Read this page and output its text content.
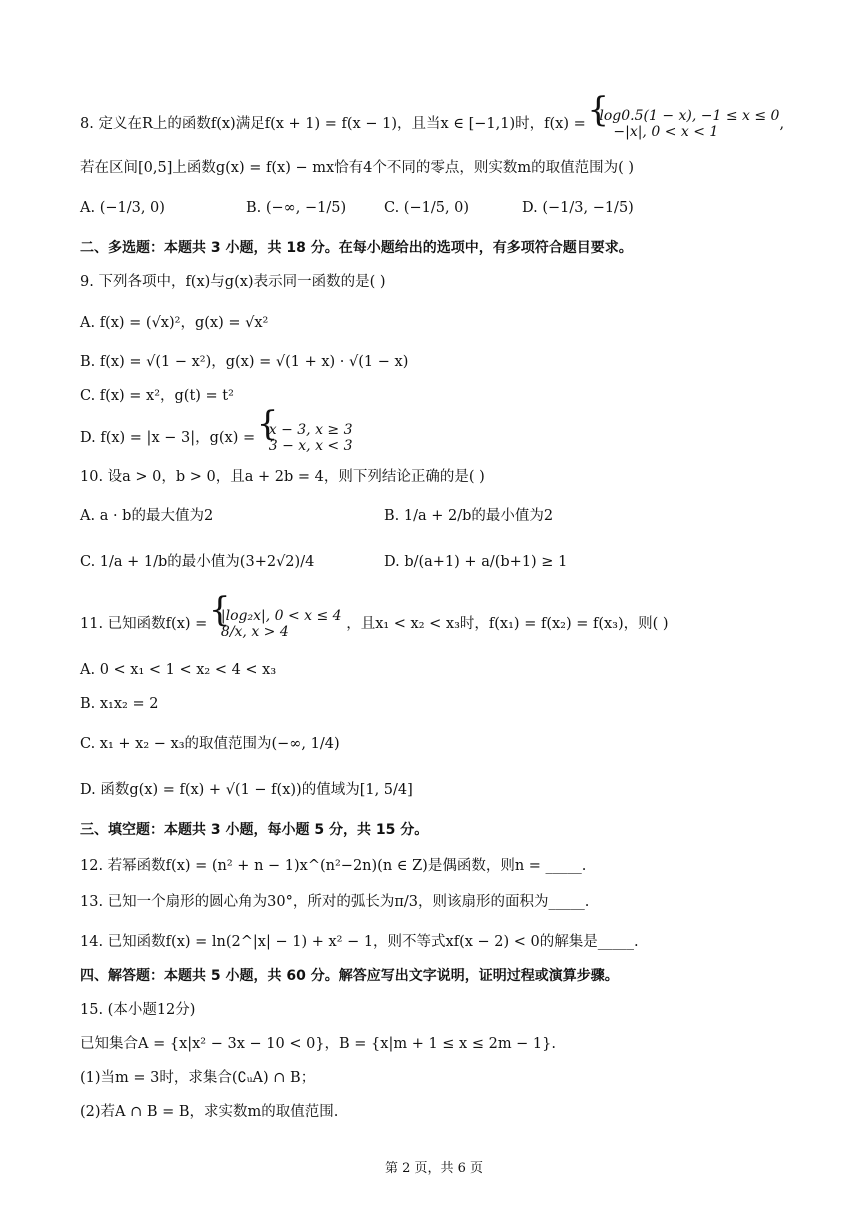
8. 定义在R上的函数f(x)满足f(x + 1) = f(x − 1)，且当x ∈ [−1,1)时，f(x) = { log0.5(1 − x), −1 ≤ x ≤ 0
−|x|, 0 < x < 1	,
若在区间[0,5]上函数g(x) = f(x) − mx恰有4个不同的零点，则实数m的取值范围为( )
A. (−1/3, 0)	B. (−∞, −1/5)	C. (−1/5, 0)	D. (−1/3, −1/5)
二、多选题：本题共 3 小题，共 18 分。在每小题给出的选项中，有多项符合题目要求。
9. 下列各项中，f(x)与g(x)表示同一函数的是( )
A. f(x) = (√x)²，g(x) = √x²
B. f(x) = √(1 − x²)，g(x) = √(1 + x) · √(1 − x)
C. f(x) = x²，g(t) = t²
D. f(x) = |x − 3|，g(x) = { x − 3, x ≥ 3
3 − x, x < 3
10. 设a > 0，b > 0，且a + 2b = 4，则下列结论正确的是( )
A. a · b的最大值为2	B. 1/a + 2/b的最小值为2
C. 1/a + 1/b的最小值为(3+2√2)/4	D. b/(a+1) + a/(b+1) ≥ 1
11. 已知函数f(x) = { |log₂x|, 0 < x ≤ 4
8/x, x > 4	，且x₁ < x₂ < x₃时，f(x₁) = f(x₂) = f(x₃)，则( )
A. 0 < x₁ < 1 < x₂ < 4 < x₃
B. x₁x₂ = 2
C. x₁ + x₂ − x₃的取值范围为(−∞, 1/4)
D. 函数g(x) = f(x) + √(1 − f(x))的值域为[1, 5/4]
三、填空题：本题共 3 小题，每小题 5 分，共 15 分。
12. 若幂函数f(x) = (n² + n − 1)x^(n²−2n)(n ∈ Z)是偶函数，则n = _____.
13. 已知一个扇形的圆心角为30°，所对的弧长为π/3，则该扇形的面积为_____.
14. 已知函数f(x) = ln(2^|x| − 1) + x² − 1，则不等式xf(x − 2) < 0的解集是_____.
四、解答题：本题共 5 小题，共 60 分。解答应写出文字说明，证明过程或演算步骤。
15. (本小题12分)
已知集合A = {x|x² − 3x − 10 < 0}，B = {x|m + 1 ≤ x ≤ 2m − 1}.
(1)当m = 3时，求集合(∁ᵤA) ∩ B；
(2)若A ∩ B = B，求实数m的取值范围.
第 2 页，共 6 页
